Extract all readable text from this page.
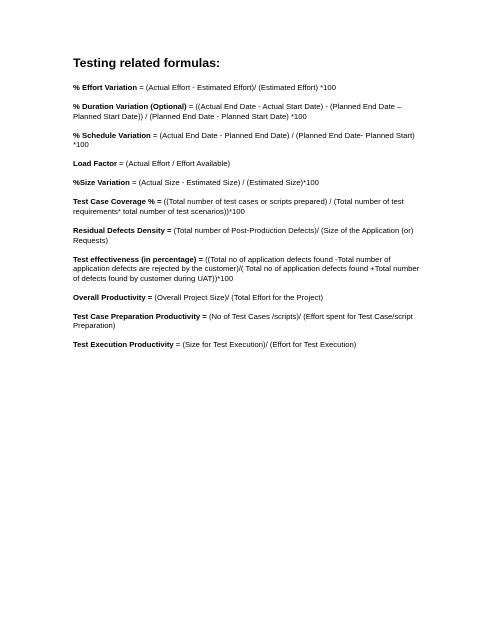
Testing related formulas:
% Effort Variation = (Actual Effort - Estimated Effort)/ (Estimated Effort) *100
% Duration Variation (Optional) = ((Actual End Date - Actual Start Date) - (Planned End Date – Planned Start Date)) / (Planned End Date - Planned Start Date) *100
% Schedule Variation = (Actual End Date - Planned End Date) / (Planned End Date- Planned Start) *100
Load Factor = (Actual Effort / Effort Available)
%Size Variation = (Actual Size - Estimated Size) / (Estimated Size)*100
Test Case Coverage % = ((Total number of test cases or scripts prepared) / (Total number of test requirements* total number of test scenarios))*100
Residual Defects Density = (Total number of Post-Production Defects)/ (Size of the Application (or) Requests)
Test effectiveness (in percentage) = ((Total no of application defects found -Total number of application defects are rejected by the customer)/( Total no of application defects found +Total number of defects found by customer during UAT))*100
Overall Productivity = (Overall Project Size)/ (Total Effort for the Project)
Test Case Preparation Productivity = (No of Test Cases /scripts)/ (Effort spent for Test Case/script Preparation)
Test Execution Productivity = (Size for Test Execution)/ (Effort for Test Execution)
